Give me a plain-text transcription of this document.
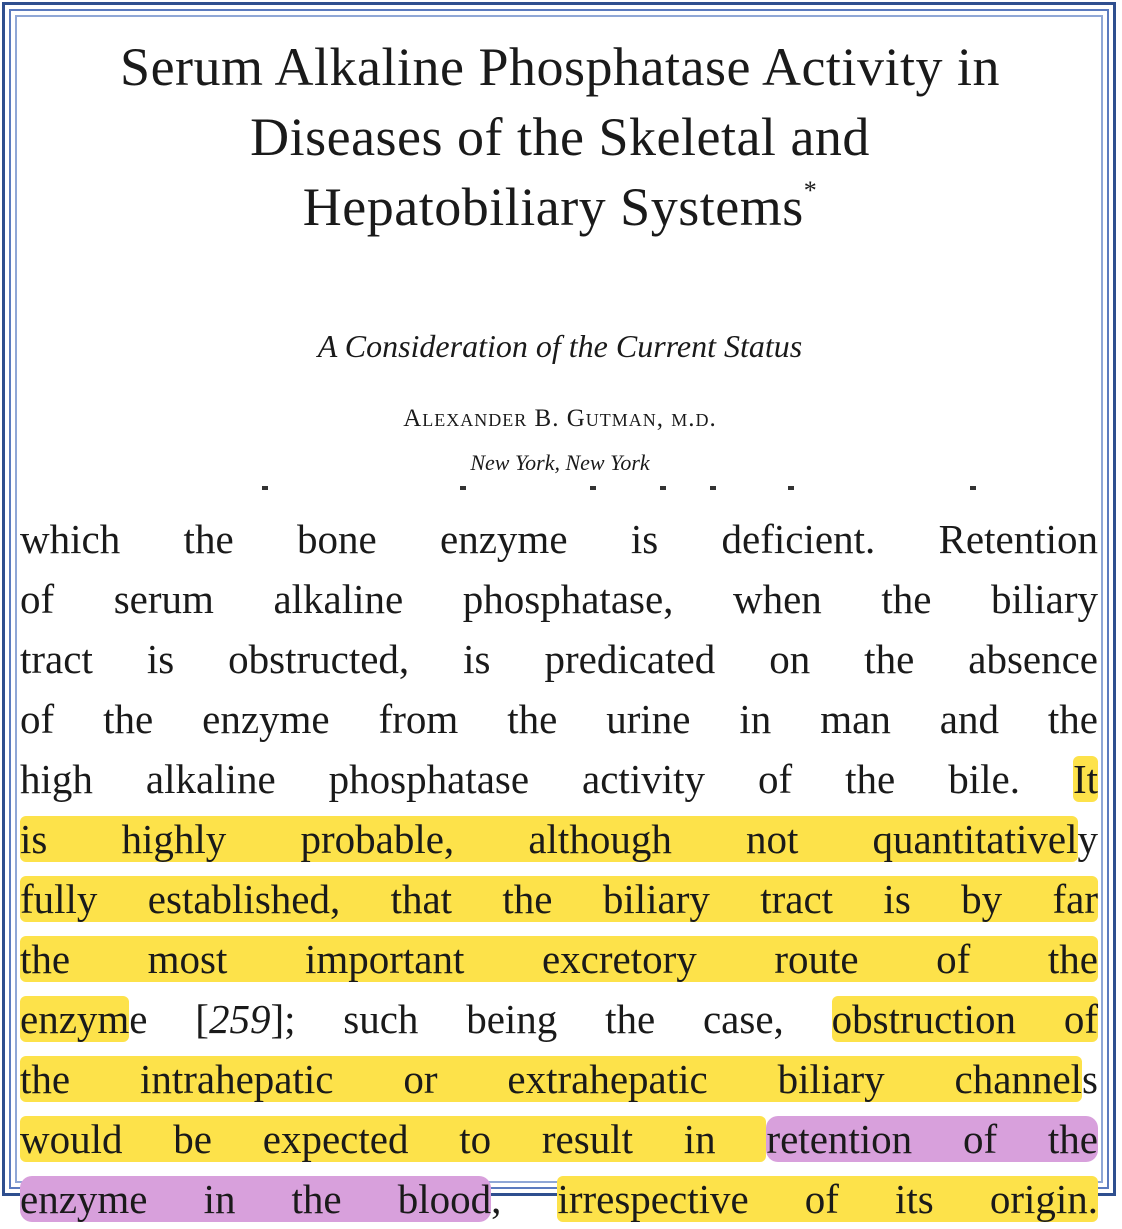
Serum Alkaline Phosphatase Activity in
Diseases of the Skeletal and
Hepatobiliary Systems*
A Consideration of the Current Status
Alexander B. Gutman, m.d.
New York, New York
which the bone enzyme is deficient. Retention
of serum alkaline phosphatase, when the biliary
tract is obstructed, is predicated on the absence
of the enzyme from the urine in man and the
high alkaline phosphatase activity of the bile. It
is highly probable, although not quantitatively
fully established, that the biliary tract is by far
the most important excretory route of the
enzyme [259]; such being the case, obstruction of
the intrahepatic or extrahepatic biliary channels
would be expected to result in retention of the
enzyme in the blood, irrespective of its origin.
